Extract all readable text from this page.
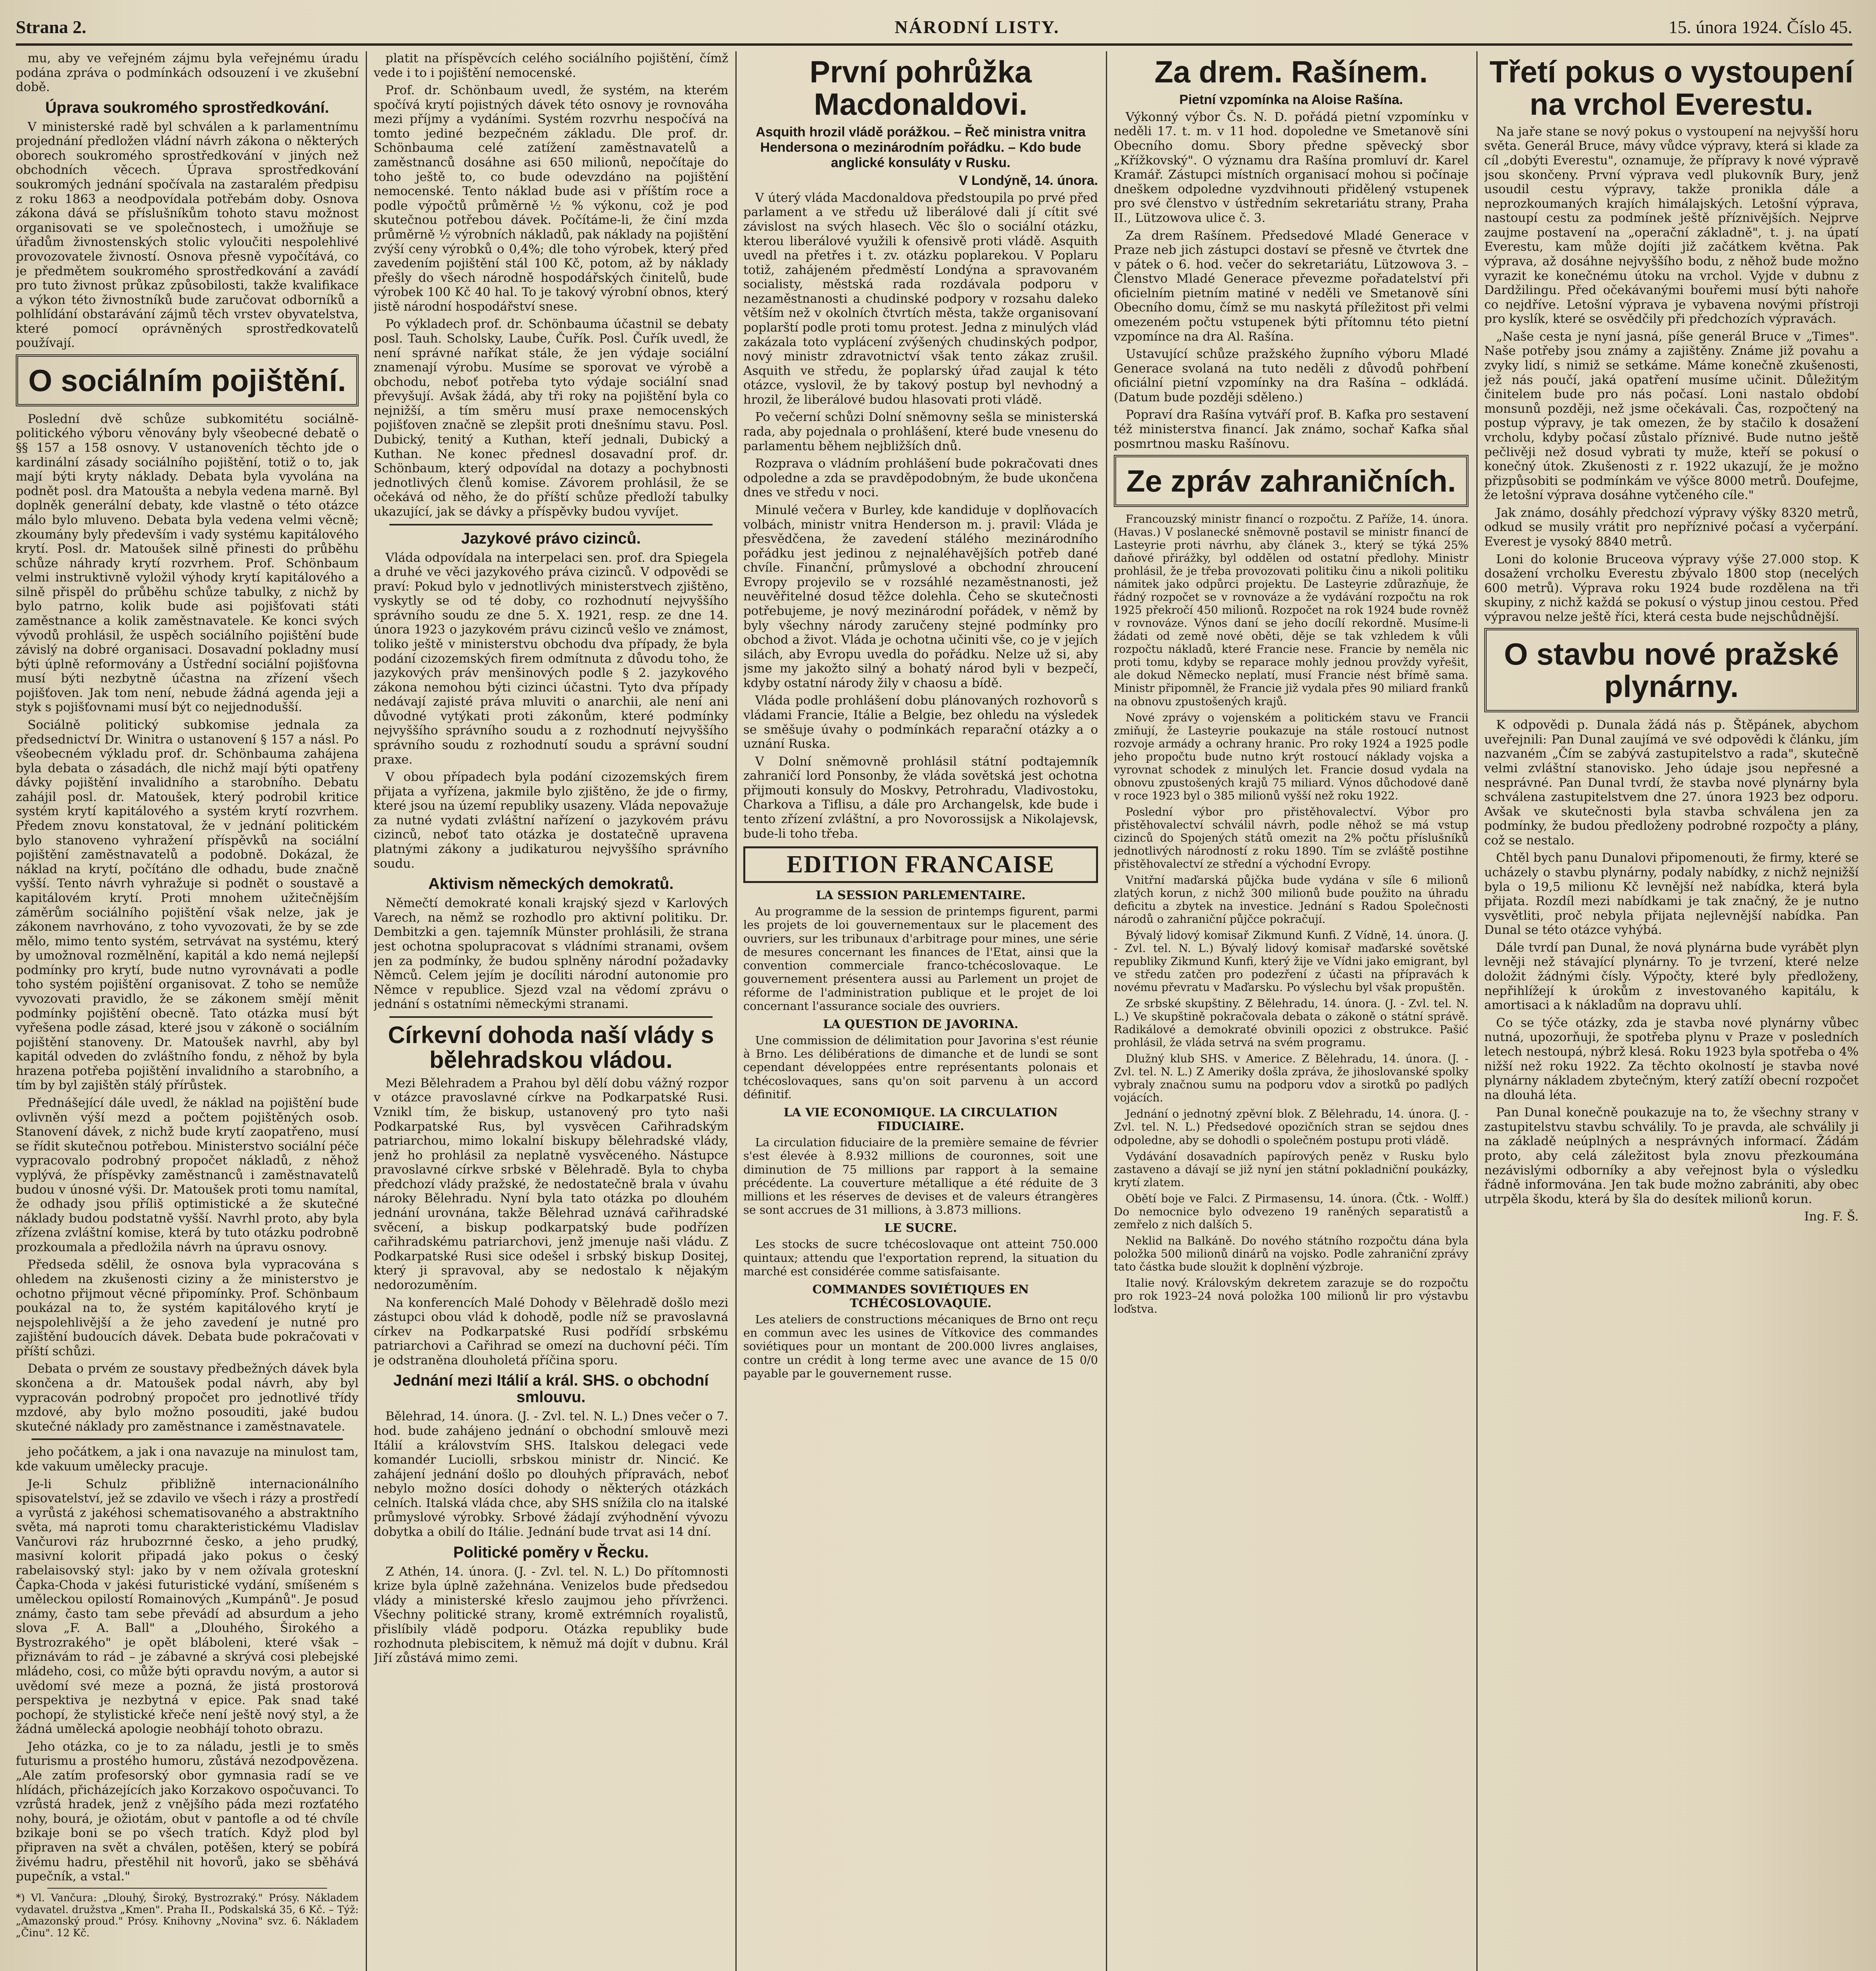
Strana 2.	NÁRODNÍ LISTY.	15. února 1924. Číslo 45.

mu, aby ve veřejném zájmu byla veřejnému úradu podána zpráva o podmínkách odsouzení i ve zkušební době.

Úprava soukromého sprostředkování.

V ministerské radě byl schválen a k parlamentnímu projednání předložen vládní návrh zákona o některých oborech soukromého sprostředkování v jiných než obchodních věcech. Úprava sprostředkování soukromých jednání spočívala na zastaralém předpisu z roku 1863 a neodpovídala potřebám doby. Osnova zákona dává se příslušníkům tohoto stavu možnost organisovati se ve společnostech, i umožňuje se úřadům živnostenských stolic vyloučiti nespolehlivé provozovatele živností. Osnova přesně vypočítává, co je předmětem soukromého sprostředkování a zavádí pro tuto živnost průkaz způsobilosti, takže kvalifikace a výkon této živnostníků bude zaručovat odborníků a polhlídání obstarávání zájmů těch vrstev obyvatelstva, které pomocí oprávněných sprostředkovatelů používají.

O sociálním pojištění.

Poslední dvě schůze subkomitétu sociálně-politického výboru věnovány byly všeobecné debatě o §§ 157 a 158 osnovy. V ustanoveních těchto jde o kardinální zásady sociálního pojištění, totiž o to, jak mají býti kryty náklady. Debata byla vyvolána na podnět posl. dra Matoušta a nebyla vedena marně. Byl doplněk generální debaty, kde vlastně o této otázce málo bylo mluveno. Debata byla vedena velmi věcně; zkoumány byly především i vady systému kapitálového krytí. Posl. dr. Matoušek silně přinesti do průběhu schůze náhrady krytí rozvrhem. Prof. Schönbaum velmi instruktivně vyložil výhody krytí kapitálového a silně přispěl do průběhu schůze tabulky, z nichž by bylo patrno, kolik bude asi pojišťovati státi zaměstnance a kolik zaměstnavatele. Ke konci svých vývodů prohlásil, že uspěch sociálního pojištění bude závislý na dobré organisaci. Dosavadní pokladny musí býti úplně reformovány a Ústřední sociální pojišťovna musí býti nezbytně účastna na zřízení všech pojišťoven. Jak tom není, nebude žádná agenda jeji a styk s pojišťovnami musí být co nejjednodušší.

Sociálně politický subkomise jednala za předsednictví Dr. Winitra o ustanovení § 157 a násl. Po všeobecném výkladu prof. dr. Schönbauma zahájena byla debata o zásadách, dle nichž mají býti opatřeny dávky pojištění invalidního a starobního. Debatu zahájil posl. dr. Matoušek, který podrobil kritice systém krytí kapitálového a systém krytí rozvrhem. Předem znovu konstatoval, že v jednání politickém bylo stanoveno vyhražení příspěvků na sociální pojištění zaměstnavatelů a podobně. Dokázal, že náklad na krytí, počítáno dle odhadu, bude značně vyšší. Tento návrh vyhražuje si podnět o soustavě a kapitálovém krytí. Proti mnohem užitečnějším záměrům sociálního pojištění však nelze, jak je zákonem navrhováno, z toho vyvozovati, že by se zde mělo, mimo tento systém, setrvávat na systému, který by umožnoval rozmělnění, kapitál a kdo nemá nejlepší podmínky pro krytí, bude nutno vyrovnávati a podle toho systém pojištění organisovat. Z toho se nemůže vyvozovati pravidlo, že se zákonem smějí měnit podmínky pojištění obecně. Tato otázka musí být vyřešena podle zásad, které jsou v zákoně o sociálním pojištění stanoveny. Dr. Matoušek navrhl, aby byl kapitál odveden do zvláštního fondu, z něhož by byla hrazena potřeba pojištění invalidního a starobního, a tím by byl zajištěn stálý přírůstek.

Přednášející dále uvedl, že náklad na pojištění bude ovlivněn výší mezd a počtem pojištěných osob. Stanovení dávek, z nichž bude krytí zaopatřeno, musí se řídit skutečnou potřebou. Ministerstvo sociální péče vypracovalo podrobný propočet nákladů, z něhož vyplývá, že příspěvky zaměstnanců i zaměstnavatelů budou v únosné výši. Dr. Matoušek proti tomu namítal, že odhady jsou příliš optimistické a že skutečné náklady budou podstatně vyšší. Navrhl proto, aby byla zřízena zvláštní komise, která by tuto otázku podrobně prozkoumala a předložila návrh na úpravu osnovy.

Předseda sdělil, že osnova byla vypracována s ohledem na zkušenosti ciziny a že ministerstvo je ochotno přijmout věcné připomínky. Prof. Schönbaum poukázal na to, že systém kapitálového krytí je nejspolehlivější a že jeho zavedení je nutné pro zajištění budoucích dávek. Debata bude pokračovati v příští schůzi.

Debata o prvém ze soustavy předbežných dávek byla skončena a dr. Matoušek podal návrh, aby byl vypracován podrobný propočet pro jednotlivé třídy mzdové, aby bylo možno posouditi, jaké budou skutečné náklady pro zaměstnance i zaměstnavatele.

jeho počátkem, a jak i ona navazuje na minulost tam, kde vakuum umělecky pracuje.

Je-li Schulz přibližně internacionálního spisovatelství, jež se zdavilo ve všech i rázy a prostředí a vyrůstá z jakéhosi schematisovaného a abstraktního světa, má naproti tomu charakteristickému Vladislav Vančurovi ráz hrubozrnné česko, a jeho prudký, masivní kolorit připadá jako pokus o český rabelaisovský styl: jako by v nem ožívala groteskní Čapka-Choda v jakési futuristické vydání, smíšeném s uměleckou opilostí Romainových „Kumpánů". Je posud známy, často tam sebe převádí ad absurdum a jeho slova „F. A. Ball" a „Dlouhého, Širokého a Bystrozrakého" je opět bláboleni, které však – přiznávám to rád – je zábavné a skrývá cosi plebejské mládeho, cosi, co může býti opravdu novým, a autor si uvědomí své meze a pozná, že jistá prostorová perspektiva je nezbytná v epice. Pak snad také pochopí, že stylistické křeče není ještě nový styl, a že žádná umělecká apologie neobhájí tohoto obrazu.

Jeho otázka, co je to za náladu, jestli je to směs futurismu a prostého humoru, zůstává nezodpovězena. „Ale zatím profesorský obor gymnasia radí se ve hlídách, přicházejících jako Korzakovo ospočuvanci. To vzrůstá hradek, jenž z vnějšího páda mezi rozťatého nohy, bourá, je ožiotám, obut v pantofle a od té chvíle bzikaje boni se po všech tratích. Když plod byl připraven na svět a chválen, potěšen, který se pobírá živému hadru, přestěhil nit hovorů, jako se sběhává pupečník, a vstal."

*) Vl. Vančura: „Dlouhý, Široký, Bystrozraký." Prósy. Nákladem vydavatel. družstva „Kmen". Praha II., Podskalská 35, 6 Kč. – Týž: „Amazonský proud." Prósy. Knihovny „Novina" svz. 6. Nákladem „Činu". 12 Kč.

platit na příspěvcích celého sociálního pojištění, čímž vede i to i pojištění nemocenské.

Prof. dr. Schönbaum uvedl, že systém, na kterém spočívá krytí pojistných dávek této osnovy je rovnováha mezi příjmy a vydáními. Systém rozvrhu nespočívá na tomto jediné bezpečném základu. Dle prof. dr. Schönbauma celé zatížení zaměstnavatelů a zaměstnanců dosáhne asi 650 milionů, nepočítaje do toho ještě to, co bude odevzdáno na pojištění nemocenské. Tento náklad bude asi v příštím roce a podle výpočtů průměrně ½ % výkonu, což je pod skutečnou potřebou dávek. Počítáme-li, že činí mzda průměrně ½ výrobních nákladů, pak náklady na pojištění zvýší ceny výrobků o 0,4%; dle toho výrobek, který před zavedením pojištění stál 100 Kč, potom, až by náklady přešly do všech národně hospodářských činitelů, bude výrobek 100 Kč 40 hal. To je takový výrobní obnos, který jistě národní hospodářství snese.

Po výkladech prof. dr. Schönbauma účastnil se debaty posl. Tauh. Scholsky, Laube, Čuřík. Posl. Čuřík uvedl, že není správné naříkat stále, že jen výdaje sociální znamenají výrobu. Musíme se sporovat ve výrobě a obchodu, neboť potřeba tyto výdaje sociální snad převyšují. Avšak žádá, aby tři roky na pojištění byla co nejnižší, a tím směru musí praxe nemocenských pojišťoven značně se zlepšit proti dnešnímu stavu. Posl. Dubický, tenitý a Kuthan, kteří jednali, Dubický a Kuthan. Ne konec přednesl dosavadní prof. dr. Schönbaum, který odpovídal na dotazy a pochybnosti jednotlivých členů komise. Závorem prohlásil, že se očekává od něho, že do příští schůze předloží tabulky ukazující, jak se dávky a příspěvky budou vyvíjet.

Jazykové právo cizinců.

Vláda odpovídala na interpelaci sen. prof. dra Spiegela a druhé ve věci jazykového práva cizinců. V odpovědi se praví: Pokud bylo v jednotlivých ministerstvech zjištěno, vyskytly se od té doby, co rozhodnutí nejvyššího správního soudu ze dne 5. X. 1921, resp. ze dne 14. února 1923 o jazykovém právu cizinců vešlo ve známost, toliko ještě v ministerstvu obchodu dva případy, že byla podání cizozemských firem odmítnuta z důvodu toho, že jazykových práv menšinových podle § 2. jazykového zákona nemohou býti cizinci účastni. Tyto dva případy nedávají zajisté práva mluviti o anarchii, ale není ani důvodné vytýkati proti zákonům, které podmínky nejvyššího správního soudu a z rozhodnutí nejvyššího správního soudu z rozhodnutí soudu a správní soudní praxe.

V obou případech byla podání cizozemských firem přijata a vyřízena, jakmile bylo zjištěno, že jde o firmy, které jsou na území republiky usazeny. Vláda nepovažuje za nutné vydati zvláštní nařízení o jazykovém právu cizinců, neboť tato otázka je dostatečně upravena platnými zákony a judikaturou nejvyššího správního soudu.

Aktivism německých demokratů.

Němečtí demokraté konali krajský sjezd v Karlových Varech, na němž se rozhodlo pro aktivní politiku. Dr. Dembitzki a gen. tajemník Münster prohlásili, že strana jest ochotna spolupracovat s vládními stranami, ovšem jen za podmínky, že budou splněny národní požadavky Němců. Celem jejím je docíliti národní autonomie pro Němce v republice. Sjezd vzal na vědomí zprávu o jednání s ostatními německými stranami.

Církevní dohoda naší vlády s bělehradskou vládou.

Mezi Bělehradem a Prahou byl dělí dobu vážný rozpor v otázce pravoslavné církve na Podkarpatské Rusi. Vznikl tím, že biskup, ustanovený pro tyto naši Podkarpatské Rus, byl vysvěcen Cařihradským patriarchou, mimo lokalní biskupy bělehradské vlády, jenž ho prohlásil za neplatně vysvěceného. Nástupce pravoslavné církve srbské v Bělehradě. Byla to chyba předchozí vlády pražské, že nedostatečně brala v úvahu nároky Bělehradu. Nyní byla tato otázka po dlouhém jednání urovnána, takže Bělehrad uznává cařihradské svěcení, a biskup podkarpatský bude podřízen cařihradskému patriarchovi, jenž jmenuje naši vládu. Z Podkarpatské Rusi sice odešel i srbský biskup Dositej, který ji spravoval, aby se nedostalo k nějakým nedorozuměním.

Na konferencích Malé Dohody v Bělehradě došlo mezi zástupci obou vlád k dohodě, podle níž se pravoslavná církev na Podkarpatské Rusi podřídí srbskému patriarchovi a Cařihrad se omezí na duchovní péči. Tím je odstraněna dlouholetá příčina sporu.

Jednání mezi Itálií a král. SHS. o obchodní smlouvu.

Bělehrad, 14. února. (J. - Zvl. tel. N. L.) Dnes večer o 7. hod. bude zahájeno jednání o obchodní smlouvě mezi Itálií a královstvím SHS. Italskou delegaci vede komandér Luciolli, srbskou ministr dr. Nincić. Ke zahájení jednání došlo po dlouhých přípravách, neboť nebylo možno dosíci dohody o některých otázkách celních. Italská vláda chce, aby SHS snížila clo na italské průmyslové výrobky. Srbové žádají zvýhodnění vývozu dobytka a obilí do Itálie. Jednání bude trvat asi 14 dní.

Politické poměry v Řecku.

Z Athén, 14. února. (J. - Zvl. tel. N. L.) Do přítomnosti krize byla úplně zažehnána. Venizelos bude předsedou vlády a ministerské křeslo zaujmou jeho přívrženci. Všechny politické strany, kromě extrémních royalistů, přislíbily vládě podporu. Otázka republiky bude rozhodnuta plebiscitem, k němuž má dojít v dubnu. Král Jiří zůstává mimo zemi.

První pohrůžka Macdonaldovi.
Asquith hrozil vládě porážkou. – Řeč ministra vnitra Hendersona o mezinárodním pořádku. – Kdo bude anglické konsuláty v Rusku.
V Londýně, 14. února.

V úterý vláda Macdonaldova předstoupila po prvé před parlament a ve středu už liberálové dali jí cítit své závislost na svých hlasech. Věc šlo o sociální otázku, kterou liberálové využili k ofensivě proti vládě. Asquith uvedl na přetřes i t. zv. otázku poplarekou. V Poplaru totiž, zahájeném předměstí Londýna a spravovaném socialisty, městská rada rozdávala podporu v nezaměstnanosti a chudinské podpory v rozsahu daleko větším než v okolních čtvrtích města, takže organisovaní poplarští podle proti tomu protest. Jedna z minulých vlád zakázala toto vyplácení zvýšených chudinských podpor, nový ministr zdravotnictví však tento zákaz zrušil. Asquith ve středu, že poplarský úřad zaujal k této otázce, vyslovil, že by takový postup byl nevhodný a hrozil, že liberálové budou hlasovati proti vládě.

Po večerní schůzi Dolní sněmovny sešla se ministerská rada, aby pojednala o prohlášení, které bude vnesenu do parlamentu během nejbližších dnů.

Rozprava o vládním prohlášení bude pokračovati dnes odpoledne a zda se pravděpodobným, že bude ukončena dnes ve středu v noci.

Minulé večera v Burley, kde kandiduje v doplňovacích volbách, ministr vnitra Henderson m. j. pravil: Vláda je přesvědčena, že zavedení stálého mezinárodního pořádku jest jedinou z nejnaléhavějších potřeb dané chvíle. Finanční, průmyslové a obchodní zhroucení Evropy projevilo se v rozsáhlé nezaměstnanosti, jež neuvěřitelné dosud těžce dolehla. Čeho se skutečnosti potřebujeme, je nový mezinárodní pořádek, v němž by byly všechny národy zaručeny stejné podmínky pro obchod a život. Vláda je ochotna učiniti vše, co je v jejích silách, aby Evropu uvedla do pořádku. Nelze už si, aby jsme my jakožto silný a bohatý národ byli v bezpečí, kdyby ostatní národy žily v chaosu a bídě.

Vláda podle prohlášení dobu plánovaných rozhovorů s vládami Francie, Itálie a Belgie, bez ohledu na výsledek se směšuje úvahy o podmínkách reparační otázky a o uznání Ruska.

V Dolní sněmovně prohlásil státní podtajemník zahraničí lord Ponsonby, že vláda sovětská jest ochotna přijmouti konsuly do Moskvy, Petrohradu, Vladivostoku, Charkova a Tiflisu, a dále pro Archangelsk, kde bude i tento zřízení zvláštní, a pro Novorossijsk a Nikolajevsk, bude-li toho třeba.

EDITION FRANCAISE
LA SESSION PARLEMENTAIRE.

Au programme de la session de printemps figurent, parmi les projets de loi gouvernementaux sur le placement des ouvriers, sur les tribunaux d'arbitrage pour mines, une série de mesures concernant les finances de l'Etat, ainsi que la convention commerciale franco-tchécoslovaque. Le gouvernement présentera aussi au Parlement un projet de réforme de l'administration publique et le projet de loi concernant l'assurance sociale des ouvriers.

LA QUESTION DE JAVORINA.

Une commission de délimitation pour Javorina s'est réunie à Brno. Les délibérations de dimanche et de lundi se sont cependant développées entre représentants polonais et tchécoslovaques, sans qu'on soit parvenu à un accord définitif.

LA VIE ECONOMIQUE. LA CIRCULATION FIDUCIAIRE.

La circulation fiduciaire de la première semaine de février s'est élevée à 8.932 millions de couronnes, soit une diminution de 75 millions par rapport à la semaine précédente. La couverture métallique a été réduite de 3 millions et les réserves de devises et de valeurs étrangères se sont accrues de 31 millions, à 3.873 millions.

LE SUCRE.

Les stocks de sucre tchécoslovaque ont atteint 750.000 quintaux; attendu que l'exportation reprend, la situation du marché est considérée comme satisfaisante.

COMMANDES SOVIÉTIQUES EN TCHÉCOSLOVAQUIE.

Les ateliers de constructions mécaniques de Brno ont reçu en commun avec les usines de Vítkovice des commandes soviétiques pour un montant de 200.000 livres anglaises, contre un crédit à long terme avec une avance de 15 0/0 payable par le gouvernement russe.

Za drem. Rašínem.
Pietní vzpomínka na Aloise Rašína.

Výkonný výbor Čs. N. D. pořádá pietní vzpomínku v neděli 17. t. m. v 11 hod. dopoledne ve Smetanově síni Obecního domu. Sbory předne spěvecký sbor „Křížkovský". O významu dra Rašína promluví dr. Karel Kramář. Zástupci místních organisací mohou si počínaje dneškem odpoledne vyzdvihnouti přidělený vstupenek pro své členstvo v ústředním sekretariátu strany, Praha II., Lützowova ulice č. 3.

Za drem Rašínem. Předsedové Mladé Generace v Praze neb jich zástupci dostaví se přesně ve čtvrtek dne v pátek o 6. hod. večer do sekretariátu, Lützowova 3. – Členstvo Mladé Generace převezme pořadatelství při oficielním pietním matiné v neděli ve Smetanově síni Obecního domu, čímž se mu naskytá příležitost při velmi omezeném počtu vstupenek býti přítomnu této pietní vzpomínce na dra Al. Rašína.

Ustavující schůze pražského župního výboru Mladé Generace svolaná na tuto neděli z důvodů pohřbení oficiální pietní vzpomínky na dra Rašína – odkládá. (Datum bude později sděleno.)

Popraví dra Rašína vytváří prof. B. Kafka pro sestavení též ministerstva financí. Jak známo, sochař Kafka sňal posmrtnou masku Rašínovu.

Ze zpráv zahraničních.

Francouzský ministr financí o rozpočtu. Z Paříže, 14. února. (Havas.) V poslanecké sněmovně postavil se ministr financí de Lasteyrie proti návrhu, aby článek 3., který se týká 25% daňové přirážky, byl oddělen od ostatní předlohy. Ministr prohlásil, že je třeba provozovati politiku činu a nikoli politiku námitek jako odpůrci projektu. De Lasteyrie zdůrazňuje, že řádný rozpočet se v rovnováze a že vydávání rozpočtu na rok 1925 překročí 450 milionů. Rozpočet na rok 1924 bude rovněž v rovnováze. Výnos daní se jeho docílí rekordně. Musíme-li žádati od země nové oběti, děje se tak vzhledem k vůli rozpočtu nákladů, které Francie nese. Francie by neměla nic proti tomu, kdyby se reparace mohly jednou provždy vyřešit, ale dokud Německo neplatí, musí Francie nést břímě sama. Ministr připomněl, že Francie již vydala přes 90 miliard franků na obnovu zpustošených krajů.

Nové zprávy o vojenském a politickém stavu ve Francii zmiňují, že Lasteyrie poukazuje na stále rostoucí nutnost rozvoje armády a ochrany hranic. Pro roky 1924 a 1925 podle jeho propočtu bude nutno krýt rostoucí náklady vojska a vyrovnat schodek z minulých let. Francie dosud vydala na obnovu zpustošených krajů 75 miliard. Výnos důchodové daně v roce 1923 byl o 385 milionů vyšší než roku 1922.

Poslední výbor pro přistěhovalectví. Výbor pro přistěhovalectví schválil návrh, podle něhož se má vstup cizinců do Spojených států omezit na 2% počtu příslušníků jednotlivých národností z roku 1890. Tím se zvláště postihne přistěhovalectví ze střední a východní Evropy.

Vnitřní maďarská půjčka bude vydána v síle 6 milionů zlatých korun, z nichž 300 milionů bude použito na úhradu deficitu a zbytek na investice. Jednání s Radou Společnosti národů o zahraniční půjčce pokračují.

Bývalý lidový komisař Zikmund Kunfi. Z Vídně, 14. února. (J. - Zvl. tel. N. L.) Bývalý lidový komisař maďarské sovětské republiky Zikmund Kunfi, který žije ve Vídni jako emigrant, byl ve středu zatčen pro podezření z účasti na přípravách k novému převratu v Maďarsku. Po výslechu byl však propuštěn.

Ze srbské skupštiny. Z Bělehradu, 14. února. (J. - Zvl. tel. N. L.) Ve skupštině pokračovala debata o zákoně o státní správě. Radikálové a demokraté obvinili opozici z obstrukce. Pašić prohlásil, že vláda setrvá na svém programu.

Dlužný klub SHS. v Americe. Z Bělehradu, 14. února. (J. - Zvl. tel. N. L.) Z Ameriky došla zpráva, že jihoslovanské spolky vybraly značnou sumu na podporu vdov a sirotků po padlých vojácích.

Jednání o jednotný zpěvní blok. Z Bělehradu, 14. února. (J. - Zvl. tel. N. L.) Předsedové opozičních stran se sejdou dnes odpoledne, aby se dohodli o společném postupu proti vládě.

Vydávání dosavadních papírových peněz v Rusku bylo zastaveno a dávají se již nyní jen státní pokladniční poukázky, krytí zlatem.

Obětí boje ve Falci. Z Pirmasensu, 14. února. (Čtk. - Wolff.) Do nemocnice bylo odvezeno 19 raněných separatistů a zemřelo z nich dalších 5.

Neklid na Balkáně. Do nového státního rozpočtu dána byla položka 500 milionů dinárů na vojsko. Podle zahraniční zprávy tato částka bude sloužit k doplnění výzbroje.

Italie nový. Královským dekretem zarazuje se do rozpočtu pro rok 1923–24 nová položka 100 milionů lir pro výstavbu loďstva.

Třetí pokus o vystoupení na vrchol Everestu.

Na jaře stane se nový pokus o vystoupení na nejvyšší horu světa. Generál Bruce, mávy vůdce výpravy, která si klade za cíl „dobýti Everestu", oznamuje, že přípravy k nové výpravě jsou skončeny. První výprava vedl plukovník Bury, jenž usoudil cestu výpravy, takže pronikla dále a neprozkoumaných krajích himálajských. Letošní výprava, nastoupí cestu za podmínek ještě příznivějších. Nejprve zaujme postavení na „operační základně", t. j. na úpatí Everestu, kam může dojíti již začátkem května. Pak výprava, až dosáhne nejvyššího bodu, z něhož bude možno vyrazit ke konečnému útoku na vrchol. Vyjde v dubnu z Dardžilingu. Před očekávanými bouřemi musí býti nahoře co nejdříve. Letošní výprava je vybavena novými přístroji pro kyslík, které se osvědčily při předchozích výpravách.

„Naše cesta je nyní jasná, píše generál Bruce v „Times". Naše potřeby jsou známy a zajištěny. Známe již povahu a zvyky lidí, s nimiž se setkáme. Máme konečně zkušenosti, jež nás poučí, jaká opatření musíme učinit. Důležitým činitelem bude pro nás počasí. Loni nastalo období monsunů později, než jsme očekávali. Čas, rozpočtený na postup výpravy, je tak omezen, že by stačilo k dosažení vrcholu, kdyby počasí zůstalo příznivé. Bude nutno ještě pečlivěji než dosud vybrati ty muže, kteří se pokusí o konečný útok. Zkušenosti z r. 1922 ukazují, že je možno přizpůsobiti se podmínkám ve výšce 8000 metrů. Doufejme, že letošní výprava dosáhne vytčeného cíle."

Jak známo, dosáhly předchozí výpravy výšky 8320 metrů, odkud se musily vrátit pro nepříznivé počasí a vyčerpání. Everest je vysoký 8840 metrů.

Loni do kolonie Bruceova výpravy výše 27.000 stop. K dosažení vrcholku Everestu zbývalo 1800 stop (necelých 600 metrů). Výprava roku 1924 bude rozdělena na tři skupiny, z nichž každá se pokusí o výstup jinou cestou. Před výpravou nelze ještě říci, která cesta bude nejschůdnější.

O stavbu nové pražské plynárny.

K odpovědi p. Dunala žádá nás p. Štěpánek, abychom uveřejnili: Pan Dunal zaujímá ve své odpovědi k článku, jím nazvaném „Čím se zabývá zastupitelstvo a rada", skutečně velmi zvláštní stanovisko. Jeho údaje jsou nepřesné a nesprávné. Pan Dunal tvrdí, že stavba nové plynárny byla schválena zastupitelstvem dne 27. února 1923 bez odporu. Avšak ve skutečnosti byla stavba schválena jen za podmínky, že budou předloženy podrobné rozpočty a plány, což se nestalo.

Chtěl bych panu Dunalovi připomenouti, že firmy, které se ucházely o stavbu plynárny, podaly nabídky, z nichž nejnižší byla o 19,5 milionu Kč levnější než nabídka, která byla přijata. Rozdíl mezi nabídkami je tak značný, že je nutno vysvětliti, proč nebyla přijata nejlevnější nabídka. Pan Dunal se této otázce vyhýbá.

Dále tvrdí pan Dunal, že nová plynárna bude vyrábět plyn levněji než stávající plynárny. To je tvrzení, které nelze doložit žádnými čísly. Výpočty, které byly předloženy, nepřihlížejí k úrokům z investovaného kapitálu, k amortisaci a k nákladům na dopravu uhlí.

Co se týče otázky, zda je stavba nové plynárny vůbec nutná, upozorňuji, že spotřeba plynu v Praze v posledních letech nestoupá, nýbrž klesá. Roku 1923 byla spotřeba o 4% nižší než roku 1922. Za těchto okolností je stavba nové plynárny nákladem zbytečným, který zatíží obecní rozpočet na dlouhá léta.

Pan Dunal konečně poukazuje na to, že všechny strany v zastupitelstvu stavbu schválily. To je pravda, ale schválily ji na základě neúplných a nesprávných informací. Žádám proto, aby celá záležitost byla znovu přezkoumána nezávislými odborníky a aby veřejnost byla o výsledku řádně informována. Jen tak bude možno zabrániti, aby obec utrpěla škodu, která by šla do desítek milionů korun.

Ing. F. Š.
